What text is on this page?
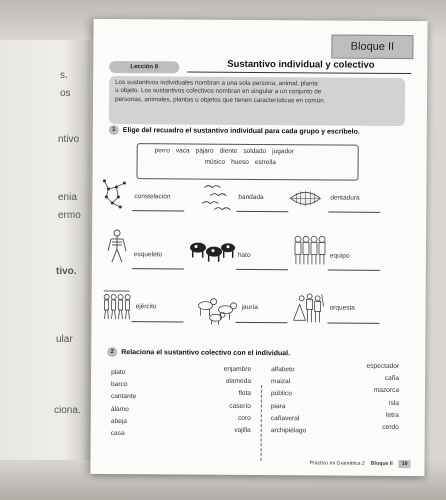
s.
os
ntivo
enia
ermo
tivo.
ular
ciona.
Bloque II
Lección 8	Sustantivo individual y colectivo
Los sustantivos individuales nombran a una sola persona, animal, planta
u objeto. Los sustantivos colectivos nombran en singular a un conjunto de
personas, animales, plantas u objetos que tienen características en común.
1	Elige del recuadro el sustantivo individual para cada grupo y escríbelo.
perro vaca pájaro diente soldado jugador
músico hueso estrella
constelación	bandada	dentadura
esqueleto	hato	equipo
ejército	jauría	orquesta
2	Relaciona el sustantivo colectivo con el individual.
plato
barco
cantante
álamo
abeja
casa
enjambre
alameda
flota
caserío
coro
vajilla
alfabeto
maizal
público
piara
cañaveral
archipiélago
espectador
caña
mazorca
isla
letra
cerdo
Practico mi Gramática 2 Bloque II	19
